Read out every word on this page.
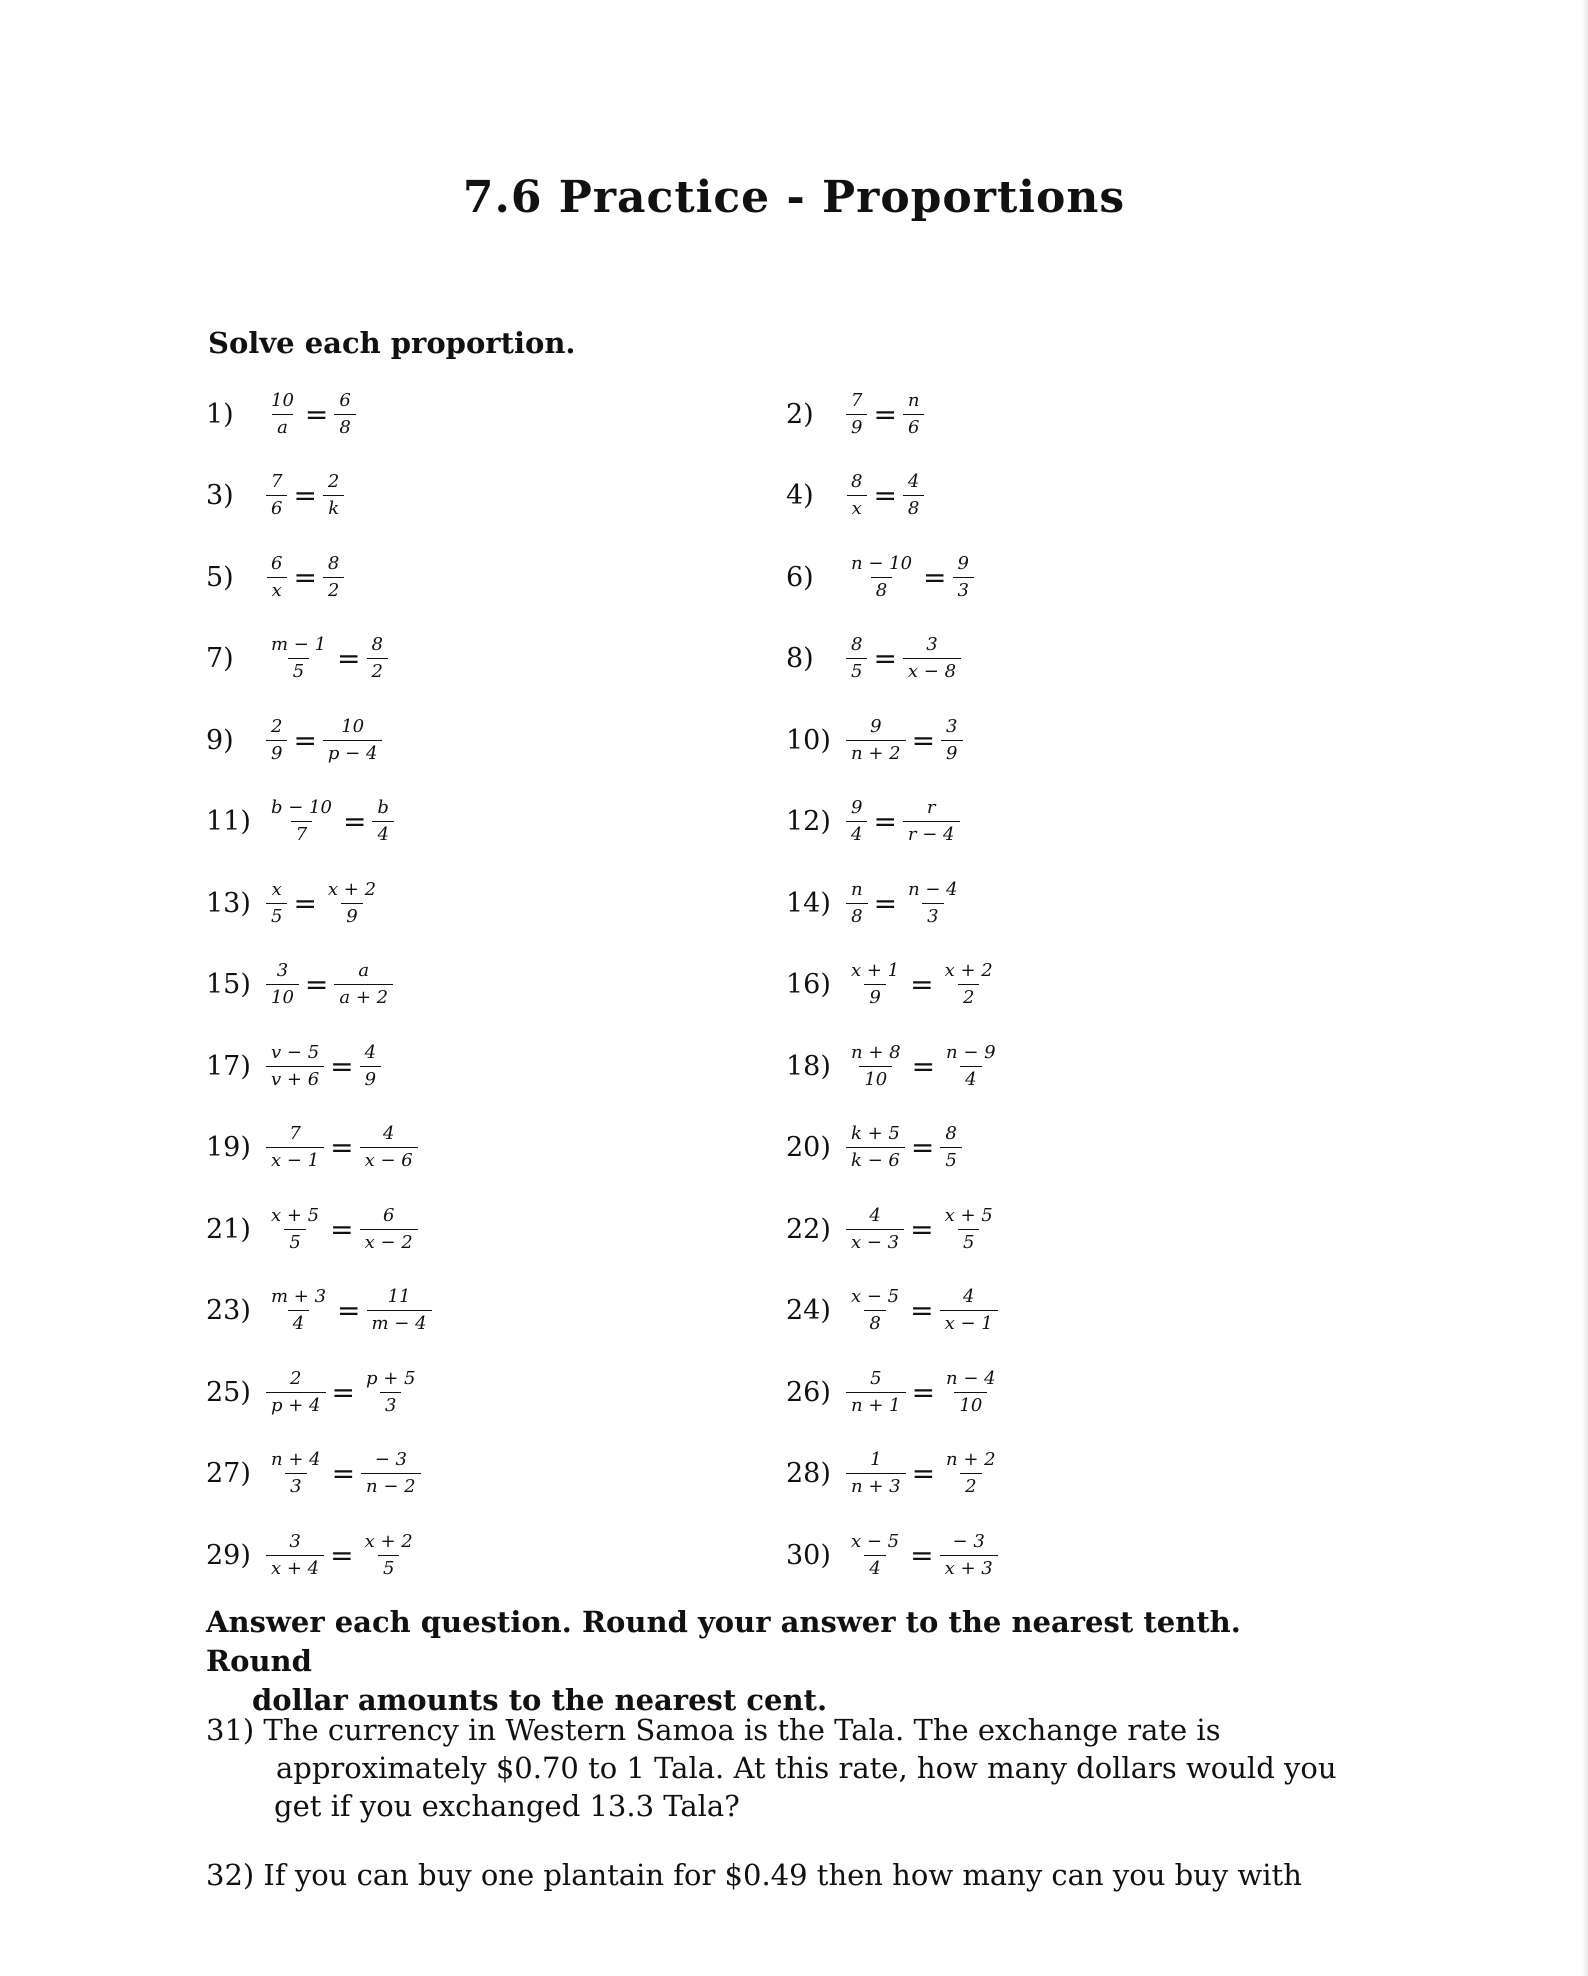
7.6 Practice - Proportions
Solve each proportion.
1)	$\frac{10}{a} = \frac{6}{8}$	2)	$\frac{7}{9} = \frac{n}{6}$
3)	$\frac{7}{6} = \frac{2}{k}$	4)	$\frac{8}{x} = \frac{4}{8}$
5)	$\frac{6}{x} = \frac{8}{2}$	6)	$\frac{n - 10}{8} = \frac{9}{3}$
7)	$\frac{m - 1}{5} = \frac{8}{2}$	8)	$\frac{8}{5} = \frac{3}{x - 8}$
9)	$\frac{2}{9} = \frac{10}{p - 4}$	$10) \frac{9}{n + 2} = \frac{3}{9}$
$11) \frac{b - 10}{7} = \frac{b}{4}$	$12) \frac{9}{4} = \frac{r}{r - 4}$
$13) \frac{x}{5} = \frac{x + 2}{9}$	$14) \frac{n}{8} = \frac{n - 4}{3}$
$15) \frac{3}{10} = \frac{a}{a + 2}$	$16) \frac{x + 1}{9} = \frac{x + 2}{2}$
$17) \frac{v - 5}{v + 6} = \frac{4}{9}$	$18) \frac{n + 8}{10} = \frac{n - 9}{4}$
$19) \frac{7}{x - 1} = \frac{4}{x - 6}$	$20) \frac{k + 5}{k - 6} = \frac{8}{5}$
$21) \frac{x + 5}{5} = \frac{6}{x - 2}$	$22) \frac{4}{x - 3} = \frac{x + 5}{5}$
$23) \frac{m + 3}{4} = \frac{11}{m - 4}$	$24) \frac{x - 5}{8} = \frac{4}{x - 1}$
$25) \frac{2}{p + 4} = \frac{p + 5}{3}$	$26) \frac{5}{n + 1} = \frac{n - 4}{10}$
$27) \frac{n + 4}{3} = \frac{- 3}{n - 2}$	$28) \frac{1}{n + 3} = \frac{n + 2}{2}$
$29) \frac{3}{x + 4} = \frac{x + 2}{5}$	$30) \frac{x - 5}{4} = \frac{- 3}{x + 3}$
Answer each question. Round your answer to the nearest tenth. Round
dollar amounts to the nearest cent.
31) The currency in Western Samoa is the Tala. The exchange rate is
approximately $0.70 to 1 Tala. At this rate, how many dollars would you
get if you exchanged 13.3 Tala?
32) If you can buy one plantain for $0.49 then how many can you buy with
